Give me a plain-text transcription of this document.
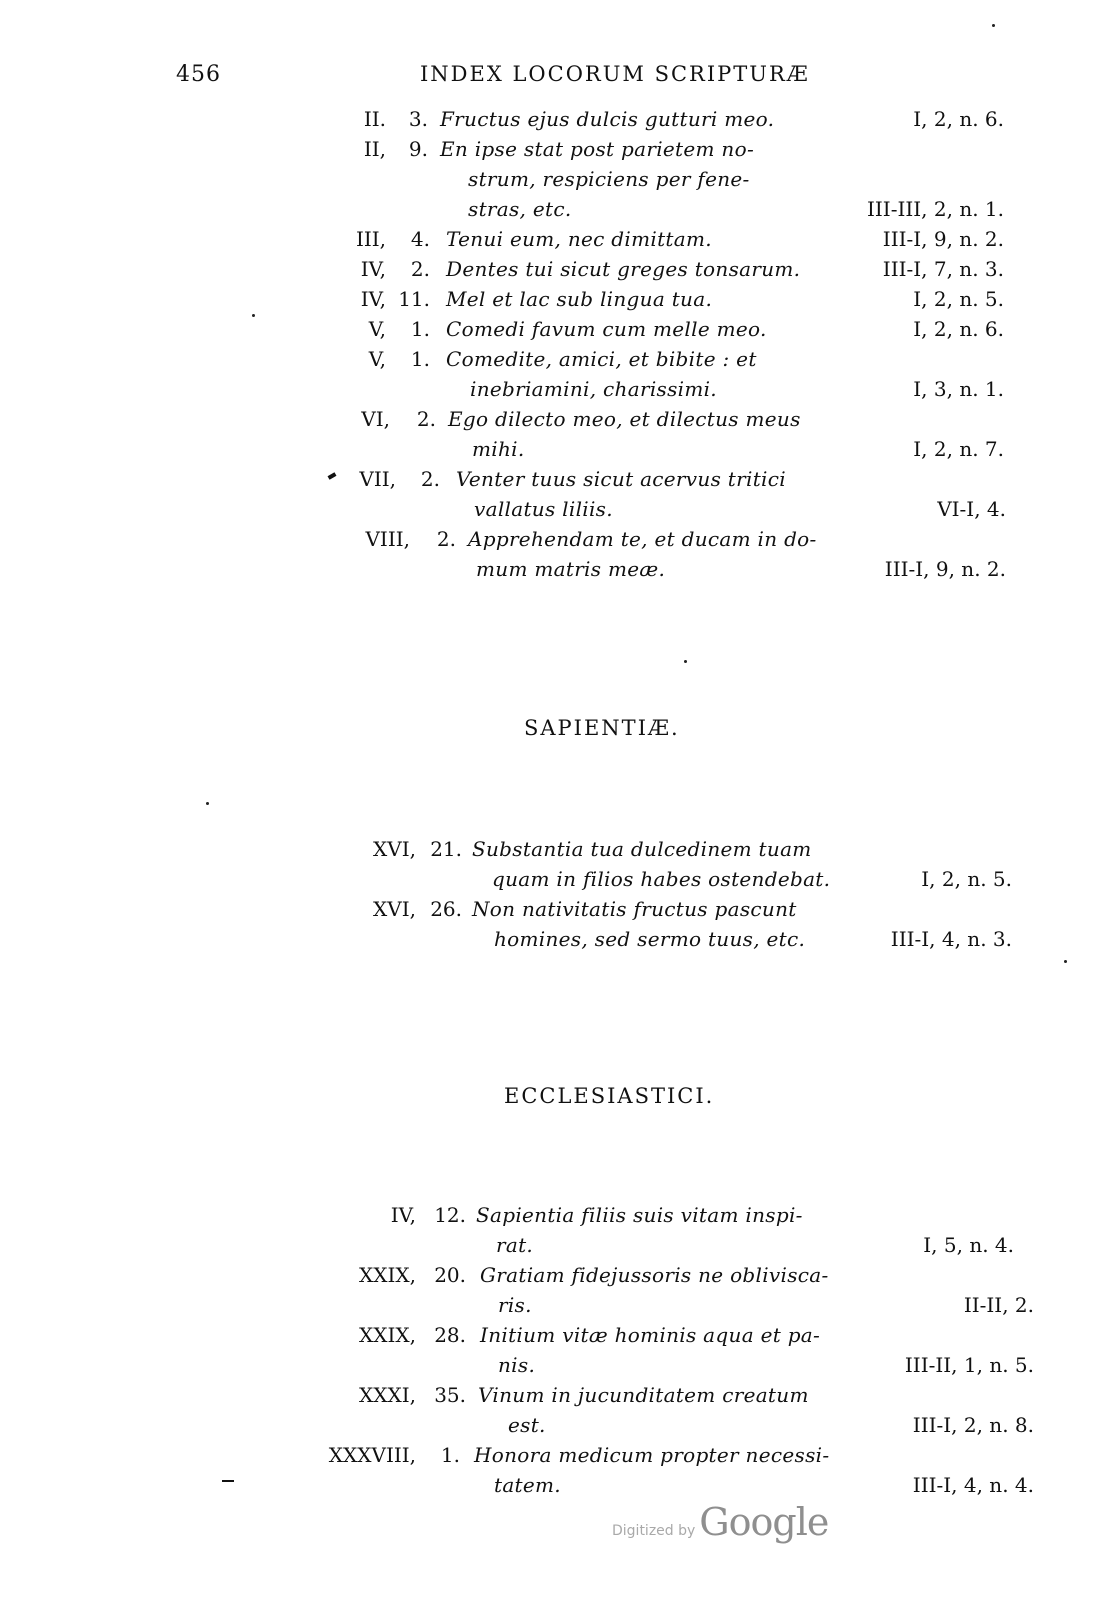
456	INDEX LOCORUM SCRIPTURÆ
II.	3. Fructus ejus dulcis gutturi meo.	I, 2, n. 6.
II,	9. En ipse stat post parietem no-
strum, respiciens per fene-
stras, etc.	III-III, 2, n. 1.
III,	4. Tenui eum, nec dimittam.	III-I, 9, n. 2.
IV,	2. Dentes tui sicut greges tonsarum.	III-I, 7, n. 3.
IV, 11. Mel et lac sub lingua tua.	I, 2, n. 5.
V,	1. Comedi favum cum melle meo.	I, 2, n. 6.
V,	1. Comedite, amici, et bibite : et
inebriamini, charissimi.	I, 3, n. 1.
VI,	2. Ego dilecto meo, et dilectus meus
mihi.	I, 2, n. 7.
VII,	2. Venter tuus sicut acervus tritici
vallatus liliis.	VI-I, 4.
VIII,	2. Apprehendam te, et ducam in do-
mum matris meæ.	III-I, 9, n. 2.
SAPIENTIÆ.
XVI, 21. Substantia tua dulcedinem tuam
quam in filios habes ostendebat.	I, 2, n. 5.
XVI, 26. Non nativitatis fructus pascunt
homines, sed sermo tuus, etc.	III-I, 4, n. 3.
ECCLESIASTICI.
IV, 12. Sapientia filiis suis vitam inspi-
rat.	I, 5, n. 4.
XXIX, 20. Gratiam fidejussoris ne oblivisca-
ris.	II-II, 2.
XXIX, 28. Initium vitæ hominis aqua et pa-
nis.	III-II, 1, n. 5.
XXXI, 35. Vinum in jucunditatem creatum
est.	III-I, 2, n. 8.
XXXVIII,	1. Honora medicum propter necessi-
tatem.	III-I, 4, n. 4.
Digitized by Google
